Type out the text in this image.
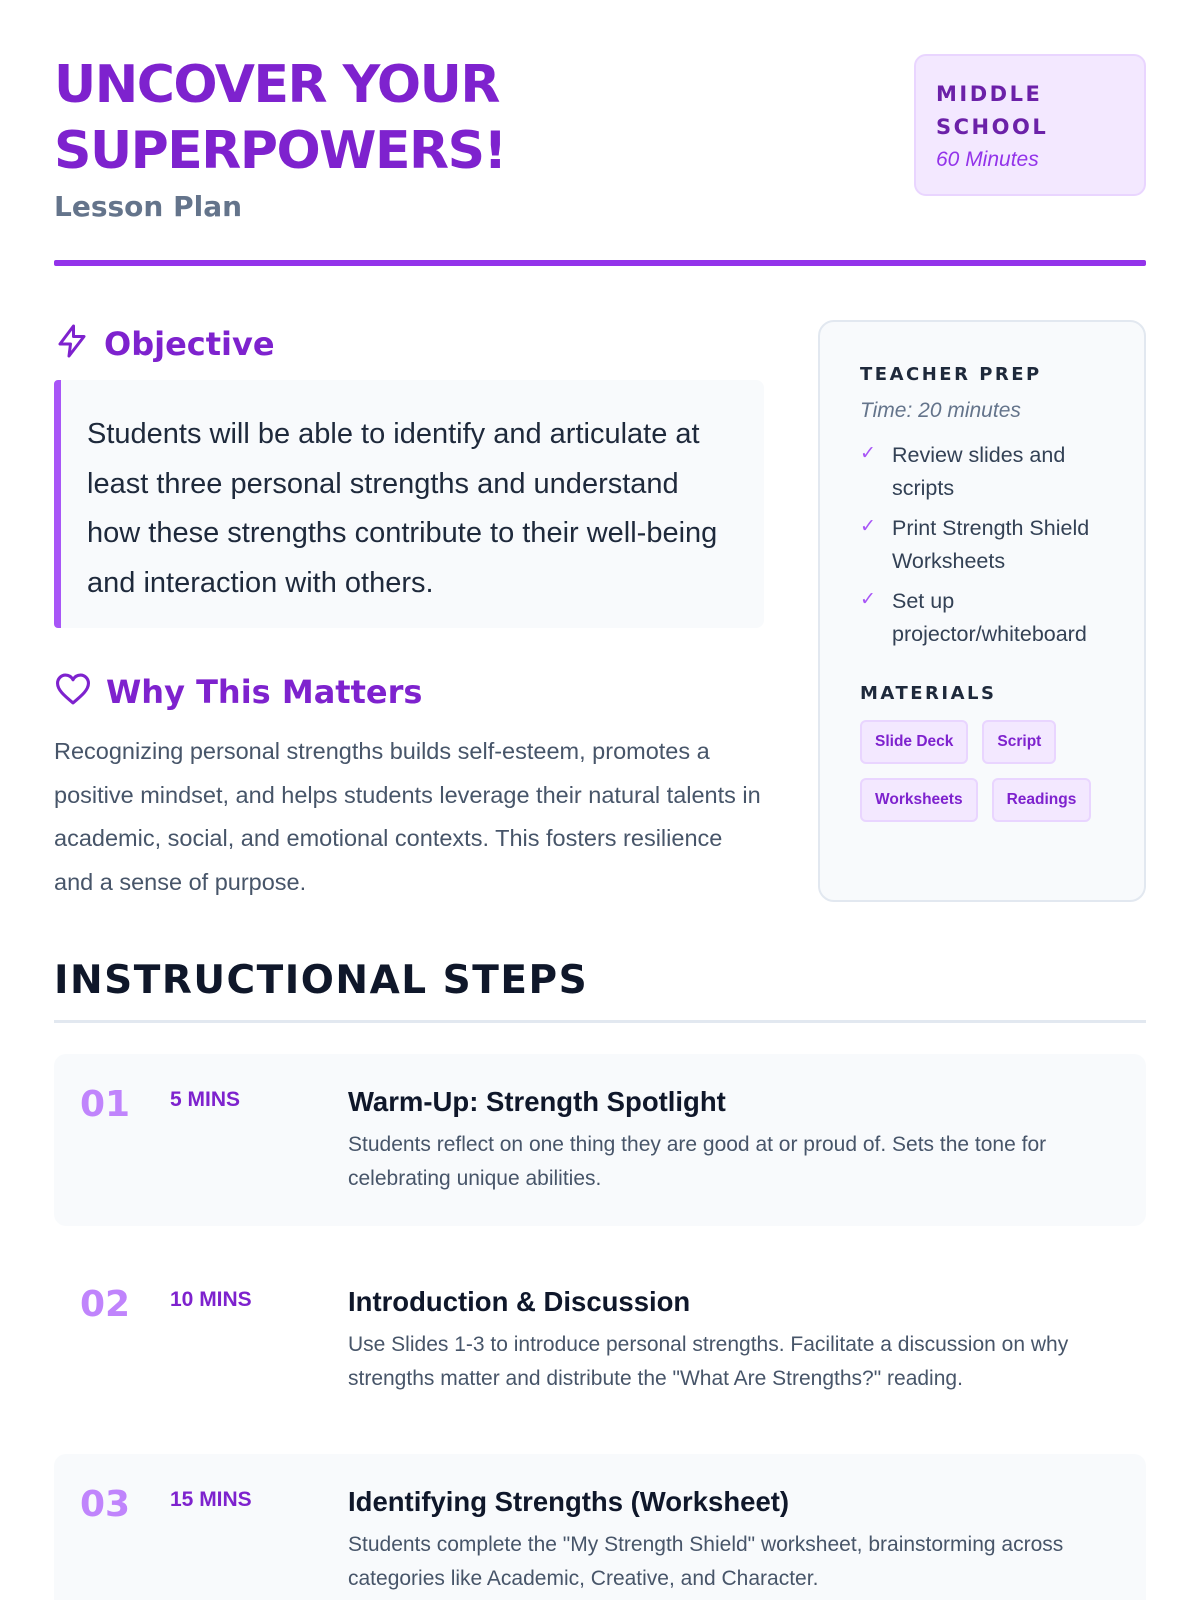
UNCOVER YOUR SUPERPOWERS!
Lesson Plan
MIDDLE SCHOOL
60 Minutes
Objective

Students will be able to identify and articulate at least three personal strengths and understand how these strengths contribute to their well-being and interaction with others.

Why This Matters

Recognizing personal strengths builds self-esteem, promotes a positive mindset, and helps students leverage their natural talents in academic, social, and emotional contexts. This fosters resilience and a sense of purpose.

TEACHER PREP
Time: 20 minutes
✓ Review slides and scripts
✓ Print Strength Shield Worksheets
✓ Set up projector/whiteboard
MATERIALS
Slide Deck	Script
Worksheets	Readings
INSTRUCTIONAL STEPS
01 5 MINS	Warm-Up: Strength Spotlight
Students reflect on one thing they are good at or proud of. Sets the tone for celebrating unique abilities.
02 10 MINS	Introduction & Discussion
Use Slides 1-3 to introduce personal strengths. Facilitate a discussion on why strengths matter and distribute the "What Are Strengths?" reading.
03 15 MINS	Identifying Strengths (Worksheet)
Students complete the "My Strength Shield" worksheet, brainstorming across categories like Academic, Creative, and Character.
